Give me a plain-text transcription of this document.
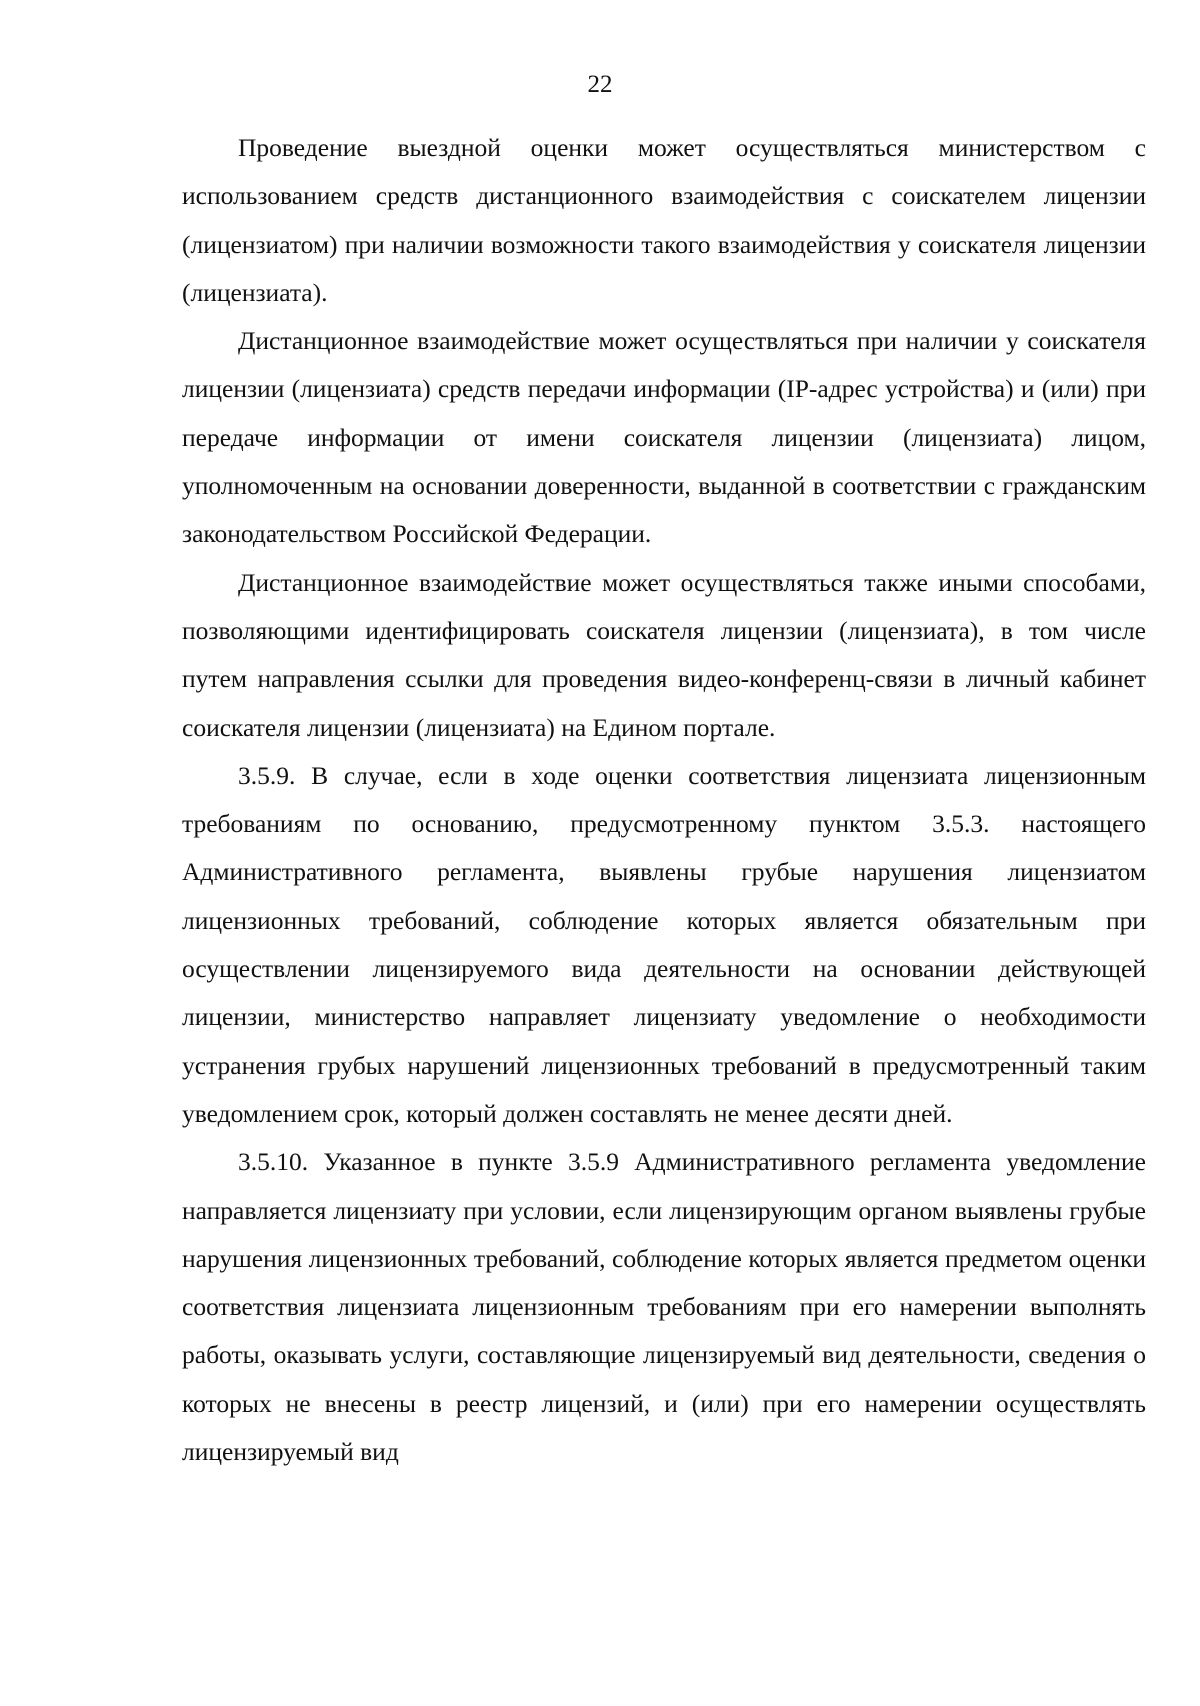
22

Проведение выездной оценки может осуществляться министерством с использованием средств дистанционного взаимодействия с соискателем лицензии (лицензиатом) при наличии возможности такого взаимодействия у соискателя лицензии (лицензиата).

Дистанционное взаимодействие может осуществляться при наличии у соискателя лицензии (лицензиата) средств передачи информации (IP-адрес устройства) и (или) при передаче информации от имени соискателя лицензии (лицензиата) лицом, уполномоченным на основании доверенности, выданной в соответствии с гражданским законодательством Российской Федерации.

Дистанционное взаимодействие может осуществляться также иными способами, позволяющими идентифицировать соискателя лицензии (лицензиата), в том числе путем направления ссылки для проведения видео-конференц-связи в личный кабинет соискателя лицензии (лицензиата) на Едином портале.

3.5.9. В случае, если в ходе оценки соответствия лицензиата лицензионным требованиям по основанию, предусмотренному пунктом 3.5.3. настоящего Административного регламента, выявлены грубые нарушения лицензиатом лицензионных требований, соблюдение которых является обязательным при осуществлении лицензируемого вида деятельности на основании действующей лицензии, министерство направляет лицензиату уведомление о необходимости устранения грубых нарушений лицензионных требований в предусмотренный таким уведомлением срок, который должен составлять не менее десяти дней.

3.5.10. Указанное в пункте 3.5.9 Административного регламента уведомление направляется лицензиату при условии, если лицензирующим органом выявлены грубые нарушения лицензионных требований, соблюдение которых является предметом оценки соответствия лицензиата лицензионным требованиям при его намерении выполнять работы, оказывать услуги, составляющие лицензируемый вид деятельности, сведения о которых не внесены в реестр лицензий, и (или) при его намерении осуществлять лицензируемый вид
